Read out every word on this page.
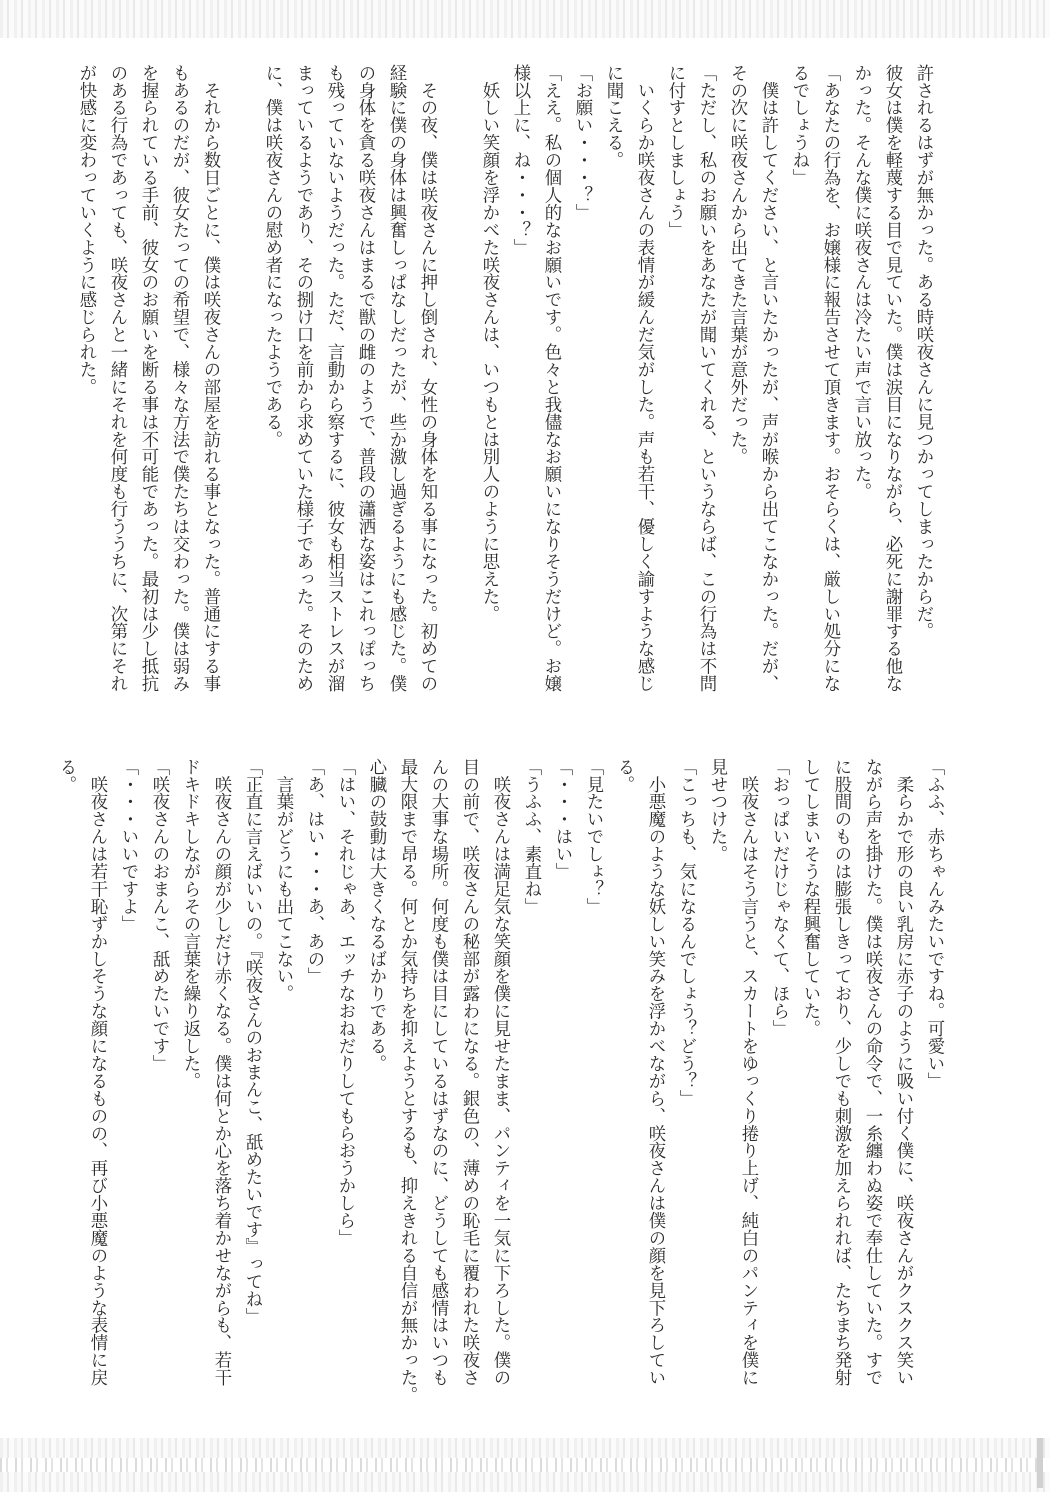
許されるはずが無かった。ある時咲夜さんに見つかってしまったからだ。

彼女は僕を軽蔑する目で見ていた。僕は涙目になりながら、必死に謝罪する他な

かった。そんな僕に咲夜さんは冷たい声で言い放った。

「あなたの行為を、お嬢様に報告させて頂きます。おそらくは、厳しい処分にな

るでしょうね」

　僕は許してください、と言いたかったが、声が喉から出てこなかった。だが、

その次に咲夜さんから出てきた言葉が意外だった。

「ただし、私のお願いをあなたが聞いてくれる、というならば、この行為は不問

に付すとしましょう」

　いくらか咲夜さんの表情が緩んだ気がした。声も若干、優しく諭すような感じ

に聞こえる。

「お願い・・・？」

「ええ。私の個人的なお願いです。色々と我儘なお願いになりそうだけど。お嬢

様以上に、ね・・・？」

　妖しい笑顔を浮かべた咲夜さんは、いつもとは別人のように思えた。

　その夜、僕は咲夜さんに押し倒され、女性の身体を知る事になった。初めての

経験に僕の身体は興奮しっぱなしだったが、些か激し過ぎるようにも感じた。僕

の身体を貪る咲夜さんはまるで獣の雌のようで、普段の瀟洒な姿はこれっぽっち

も残っていないようだった。ただ、言動から察するに、彼女も相当ストレスが溜

まっているようであり、その捌け口を前から求めていた様子であった。そのため

に、僕は咲夜さんの慰め者になったようである。

　それから数日ごとに、僕は咲夜さんの部屋を訪れる事となった。普通にする事

もあるのだが、彼女たっての希望で、様々な方法で僕たちは交わった。僕は弱み

を握られている手前、彼女のお願いを断る事は不可能であった。最初は少し抵抗

のある行為であっても、咲夜さんと一緒にそれを何度も行ううちに、次第にそれ

が快感に変わっていくように感じられた。

「ふふ、赤ちゃんみたいですね。可愛い」

　柔らかで形の良い乳房に赤子のように吸い付く僕に、咲夜さんがクスクス笑い

ながら声を掛けた。僕は咲夜さんの命令で、一糸纏わぬ姿で奉仕していた。すで

に股間のものは膨張しきっており、少しでも刺激を加えられれば、たちまち発射

してしまいそうな程興奮していた。

「おっぱいだけじゃなくて、ほら」

　咲夜さんはそう言うと、スカートをゆっくり捲り上げ、純白のパンティを僕に

見せつけた。

「こっちも、気になるんでしょう？どう？」

　小悪魔のような妖しい笑みを浮かべながら、咲夜さんは僕の顔を見下ろしてい

る。

「見たいでしょ？」

「・・・はい」

「うふふ、素直ね」

　咲夜さんは満足気な笑顔を僕に見せたまま、パンティを一気に下ろした。僕の

目の前で、咲夜さんの秘部が露わになる。銀色の、薄めの恥毛に覆われた咲夜さ

んの大事な場所。何度も僕は目にしているはずなのに、どうしても感情はいつも

最大限まで昂る。何とか気持ちを抑えようとするも、抑えきれる自信が無かった。

心臓の鼓動は大きくなるばかりである。

「はい、それじゃあ、エッチなおねだりしてもらおうかしら」

「あ、はい・・・あ、あの」

　言葉がどうにも出てこない。

「正直に言えばいいの。『咲夜さんのおまんこ、舐めたいです』ってね」

　咲夜さんの顔が少しだけ赤くなる。僕は何とか心を落ち着かせながらも、若干

ドキドキしながらその言葉を繰り返した。

「咲夜さんのおまんこ、舐めたいです」

「・・・いいですよ」

　咲夜さんは若干恥ずかしそうな顔になるものの、再び小悪魔のような表情に戻

る。
